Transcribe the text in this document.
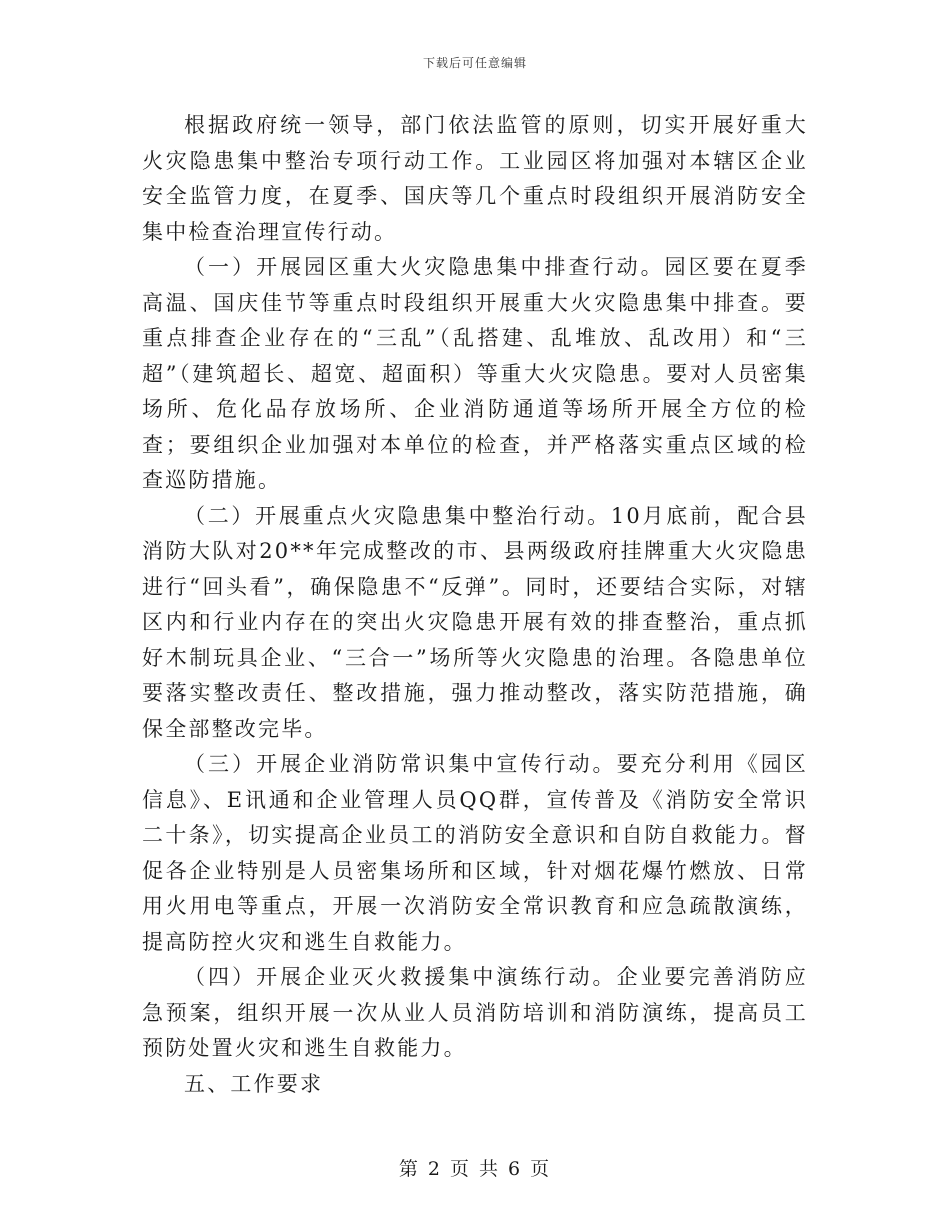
下载后可任意编辑

根据政府统一领导，部门依法监管的原则，切实开展好重大火灾隐患集中整治专项行动工作。工业园区将加强对本辖区企业安全监管力度，在夏季、国庆等几个重点时段组织开展消防安全集中检查治理宣传行动。

（一）开展园区重大火灾隐患集中排查行动。园区要在夏季高温、国庆佳节等重点时段组织开展重大火灾隐患集中排查。要重点排查企业存在的“三乱”（乱搭建、乱堆放、乱改用）和“三超”（建筑超长、超宽、超面积）等重大火灾隐患。要对人员密集场所、危化品存放场所、企业消防通道等场所开展全方位的检查；要组织企业加强对本单位的检查，并严格落实重点区域的检查巡防措施。

（二）开展重点火灾隐患集中整治行动。10月底前，配合县消防大队对20**年完成整改的市、县两级政府挂牌重大火灾隐患进行“回头看”，确保隐患不“反弹”。同时，还要结合实际，对辖区内和行业内存在的突出火灾隐患开展有效的排查整治，重点抓好木制玩具企业、“三合一”场所等火灾隐患的治理。各隐患单位要落实整改责任、整改措施，强力推动整改，落实防范措施，确保全部整改完毕。

（三）开展企业消防常识集中宣传行动。要充分利用《园区信息》、E讯通和企业管理人员QQ群，宣传普及《消防安全常识二十条》，切实提高企业员工的消防安全意识和自防自救能力。督促各企业特别是人员密集场所和区域，针对烟花爆竹燃放、日常用火用电等重点，开展一次消防安全常识教育和应急疏散演练，提高防控火灾和逃生自救能力。

（四）开展企业灭火救援集中演练行动。企业要完善消防应急预案，组织开展一次从业人员消防培训和消防演练，提高员工预防处置火灾和逃生自救能力。

五、工作要求

第 2 页 共 6 页
